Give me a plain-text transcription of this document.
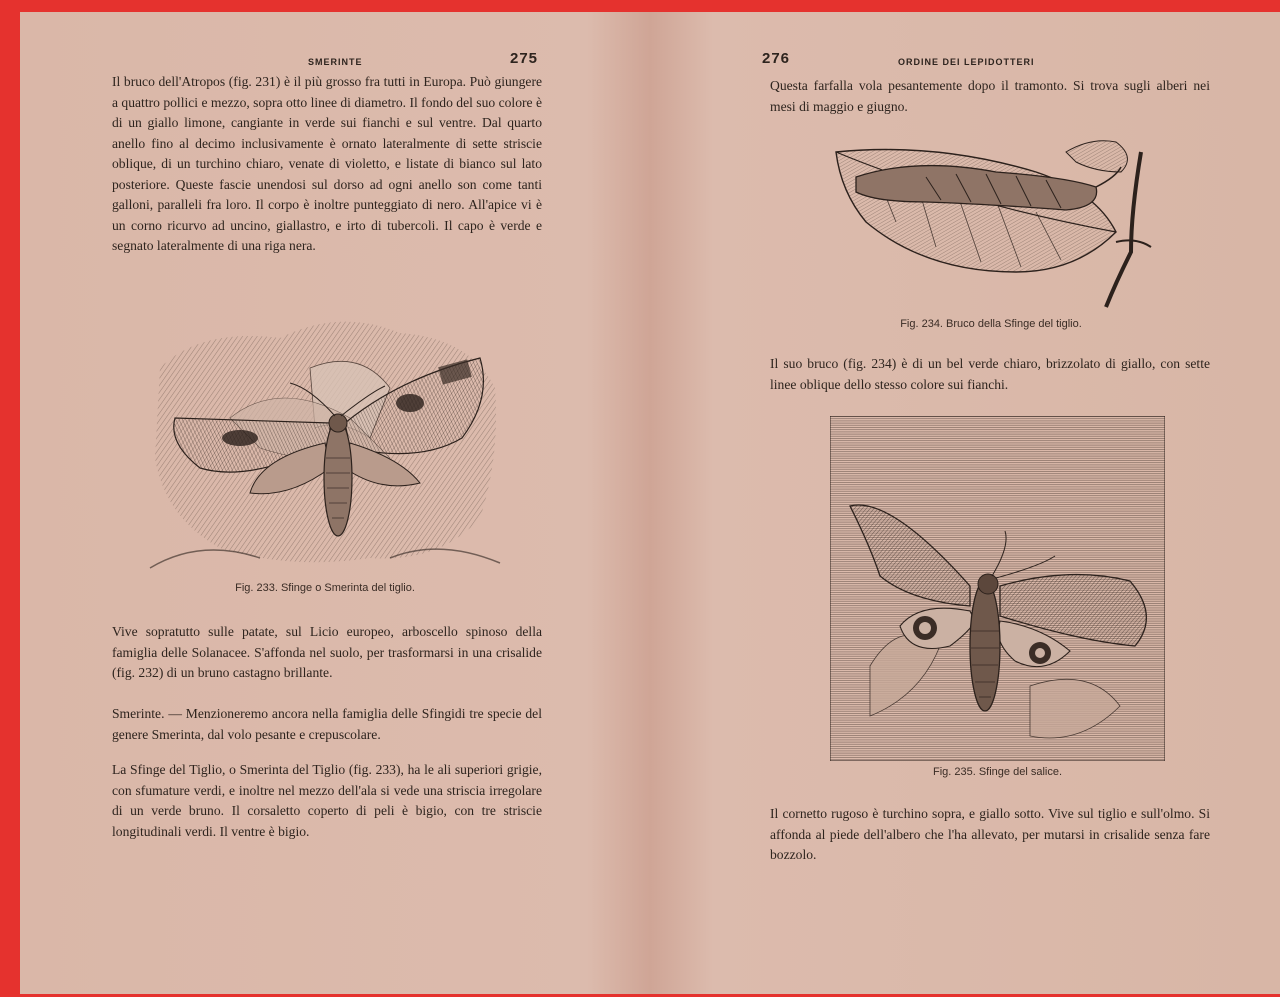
SMERINTE	275

Il bruco dell'Atropos (fig. 231) è il più grosso fra tutti in Europa. Può giungere a quattro pollici e mezzo, sopra otto linee di diametro. Il fondo del suo colore è di un giallo limone, cangiante in verde sui fianchi e sul ventre. Dal quarto anello fino al decimo inclusivamente è ornato lateralmente di sette striscie oblique, di un turchino chiaro, venate di violetto, e listate di bianco sul lato posteriore. Queste fascie unendosi sul dorso ad ogni anello son come tanti galloni, paralleli fra loro. Il corpo è inoltre punteggiato di nero. All'apice vi è un corno ricurvo ad uncino, giallastro, e irto di tubercoli. Il capo è verde e segnato lateralmente di una riga nera.

Fig. 233. Sfinge o Smerinta del tiglio.

Vive sopratutto sulle patate, sul Licio europeo, arboscello spinoso della famiglia delle Solanacee. S'affonda nel suolo, per trasformarsi in una crisalide (fig. 232) di un bruno castagno brillante.

Smerinte. — Menzioneremo ancora nella famiglia delle Sfingidi tre specie del genere Smerinta, dal volo pesante e crepuscolare.

La Sfinge del Tiglio, o Smerinta del Tiglio (fig. 233), ha le ali superiori grigie, con sfumature verdi, e inoltre nel mezzo dell'ala si vede una striscia irregolare di un verde bruno. Il corsaletto coperto di peli è bigio, con tre striscie longitudinali verdi. Il ventre è bigio.

276	ORDINE DEI LEPIDOTTERI

Questa farfalla vola pesantemente dopo il tramonto. Si trova sugli alberi nei mesi di maggio e giugno.

Fig. 234. Bruco della Sfinge del tiglio.

Il suo bruco (fig. 234) è di un bel verde chiaro, brizzolato di giallo, con sette linee oblique dello stesso colore sui fianchi.

Fig. 235. Sfinge del salice.

Il cornetto rugoso è turchino sopra, e giallo sotto. Vive sul tiglio e sull'olmo. Si affonda al piede dell'albero che l'ha allevato, per mutarsi in crisalide senza fare bozzolo.
